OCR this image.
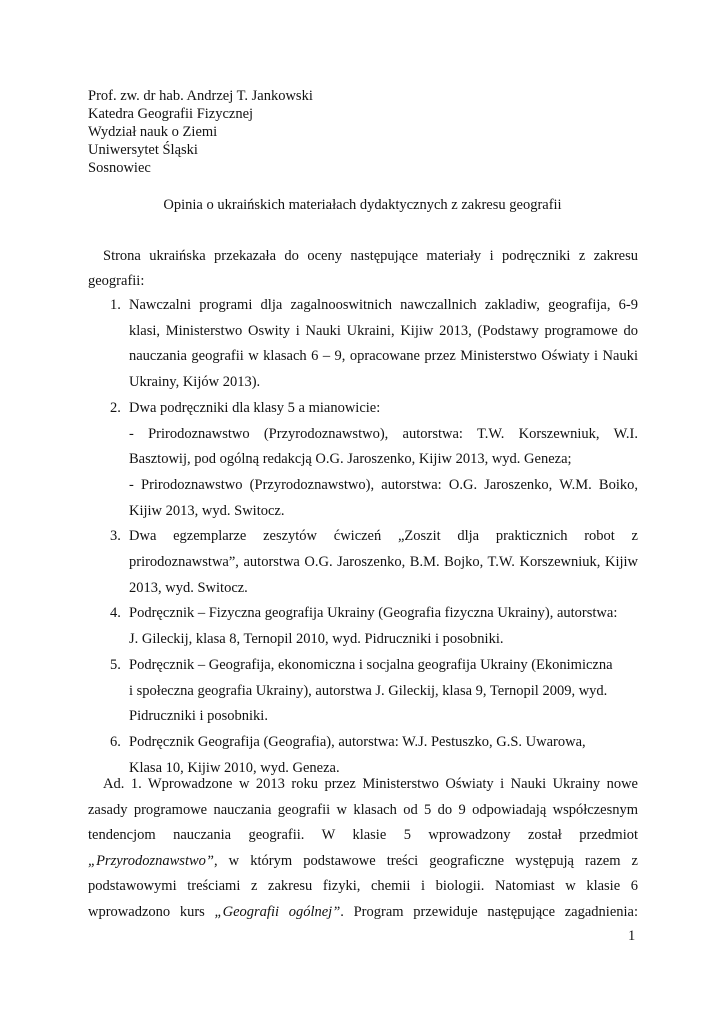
Prof. zw. dr hab. Andrzej T. Jankowski
Katedra Geografii Fizycznej
Wydział nauk o Ziemi
Uniwersytet Śląski
Sosnowiec
Opinia o ukraińskich materiałach dydaktycznych z zakresu geografii
Strona ukraińska przekazała do oceny następujące materiały i podręczniki z zakresu
geografii:
1. Nawczalni programi dlja zagalnooswitnich nawczallnich zakladiw, geografija, 6-9
klasi, Ministerstwo Oswity i Nauki Ukraini, Kijiw 2013, (Podstawy programowe do
nauczania geografii w klasach 6 – 9, opracowane przez Ministerstwo Oświaty i Nauki
Ukrainy, Kijów 2013).
2. Dwa podręczniki dla klasy 5 a mianowicie:
- Prirodoznawstwo (Przyrodoznawstwo), autorstwa: T.W. Korszewniuk, W.I.
Basztowij, pod ogólną redakcją O.G. Jaroszenko, Kijiw 2013, wyd. Geneza;
- Prirodoznawstwo (Przyrodoznawstwo), autorstwa: O.G. Jaroszenko, W.M. Boiko,
Kijiw 2013, wyd. Switocz.
3. Dwa egzemplarze zeszytów ćwiczeń „Zoszit dlja prakticznich robot z
prirodoznawstwa”, autorstwa O.G. Jaroszenko, B.M. Bojko, T.W. Korszewniuk, Kijiw
2013, wyd. Switocz.
4. Podręcznik – Fizyczna geografija Ukrainy (Geografia fizyczna Ukrainy), autorstwa:
J. Gileckij, klasa 8, Ternopil 2010, wyd. Pidruczniki i posobniki.
5. Podręcznik – Geografija, ekonomiczna i socjalna geografija Ukrainy (Ekonimiczna
i społeczna geografia Ukrainy), autorstwa J. Gileckij, klasa 9, Ternopil 2009, wyd.
Pidruczniki i posobniki.
6. Podręcznik Geografija (Geografia), autorstwa: W.J. Pestuszko, G.S. Uwarowa,
Klasa 10, Kijiw 2010, wyd. Geneza.
Ad. 1. Wprowadzone w 2013 roku przez Ministerstwo Oświaty i Nauki Ukrainy nowe
zasady programowe nauczania geografii w klasach od 5 do 9 odpowiadają współczesnym
tendencjom nauczania geografii. W klasie 5 wprowadzony został przedmiot
„Przyrodoznawstwo”, w którym podstawowe treści geograficzne występują razem z
podstawowymi treściami z zakresu fizyki, chemii i biologii. Natomiast w klasie 6
wprowadzono kurs „Geografii ogólnej”. Program przewiduje następujące zagadnienia:
1
